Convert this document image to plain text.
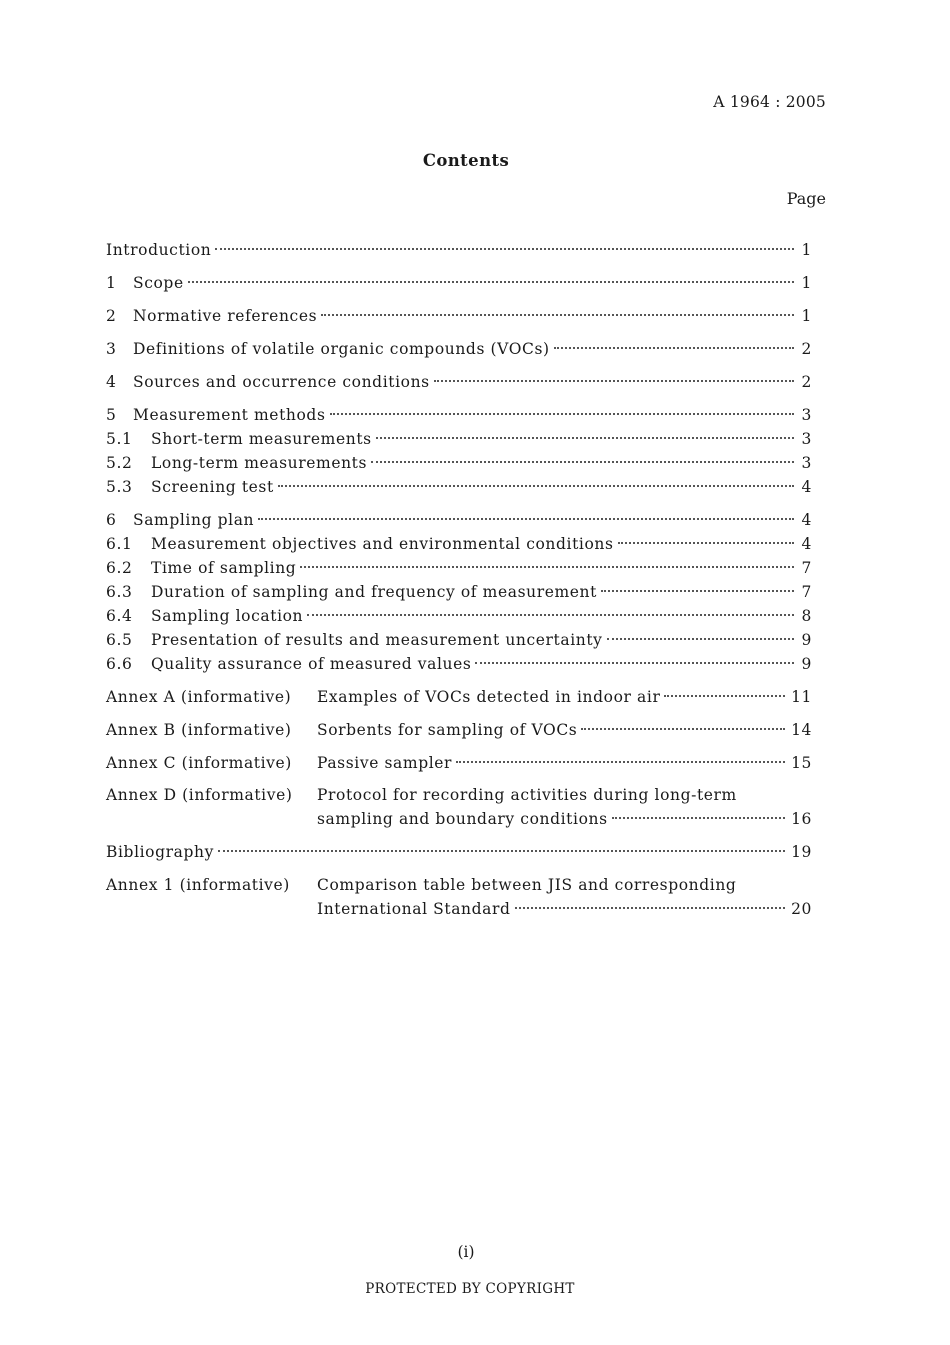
A 1964 : 2005
Contents
Page
Introduction	1
1	Scope	1
2	Normative references	1
3	Definitions of volatile organic compounds (VOCs)	2
4	Sources and occurrence conditions	2
5	Measurement methods	3
5.1	Short-term measurements	3
5.2	Long-term measurements	3
5.3	Screening test	4
6	Sampling plan	4
6.1	Measurement objectives and environmental conditions	4
6.2	Time of sampling	7
6.3	Duration of sampling and frequency of measurement	7
6.4	Sampling location	8
6.5	Presentation of results and measurement uncertainty	9
6.6	Quality assurance of measured values	9
Annex A (informative)	Examples of VOCs detected in indoor air	11
Annex B (informative)	Sorbents for sampling of VOCs	14
Annex C (informative)	Passive sampler	15
Annex D (informative)	Protocol for recording activities during long-term
sampling and boundary conditions	16
Bibliography	19
Annex 1 (informative)	Comparison table between JIS and corresponding
International Standard	20
(i)
PROTECTED BY COPYRIGHT
